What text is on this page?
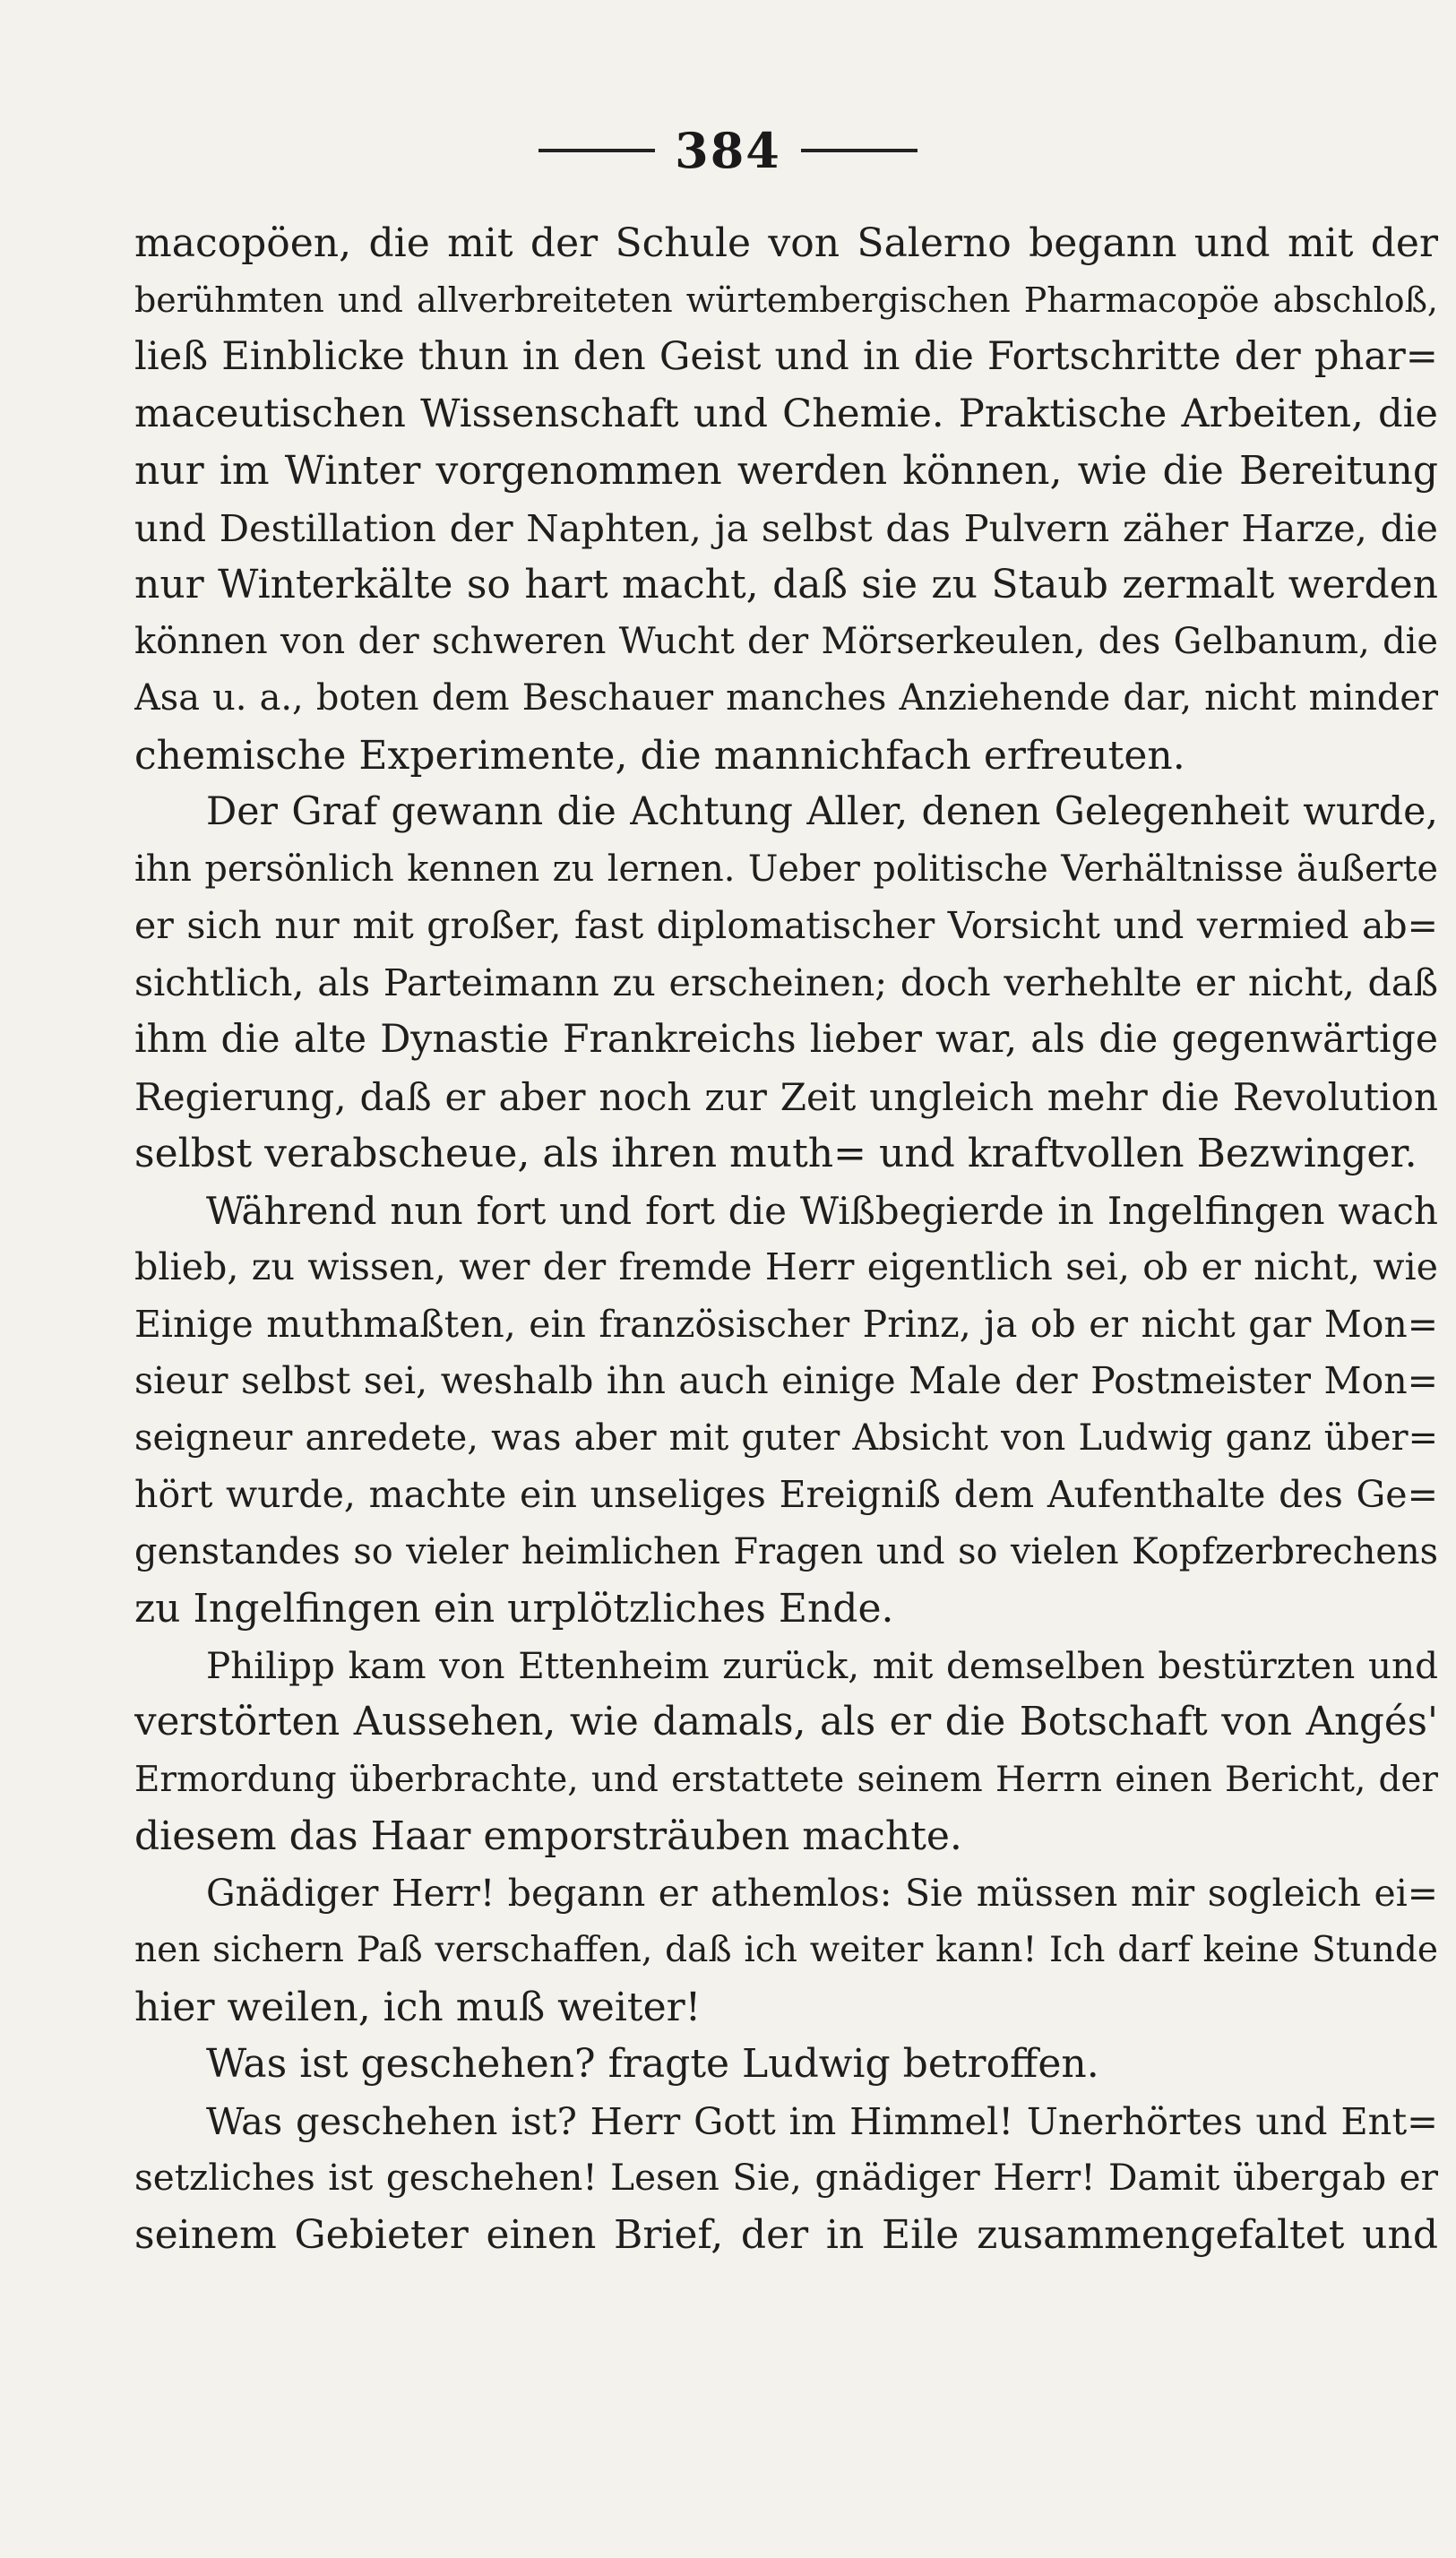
384
macopöen, die mit der Schule von Salerno begann und mit der
berühmten und allverbreiteten würtembergischen Pharmacopöe abschloß,
ließ Einblicke thun in den Geist und in die Fortschritte der phar=
maceutischen Wissenschaft und Chemie. Praktische Arbeiten, die
nur im Winter vorgenommen werden können, wie die Bereitung
und Destillation der Naphten, ja selbst das Pulvern zäher Harze, die
nur Winterkälte so hart macht, daß sie zu Staub zermalt werden
können von der schweren Wucht der Mörserkeulen, des Gelbanum, die
Asa u. a., boten dem Beschauer manches Anziehende dar, nicht minder
chemische Experimente, die mannichfach erfreuten.
Der Graf gewann die Achtung Aller, denen Gelegenheit wurde,
ihn persönlich kennen zu lernen. Ueber politische Verhältnisse äußerte
er sich nur mit großer, fast diplomatischer Vorsicht und vermied ab=
sichtlich, als Parteimann zu erscheinen; doch verhehlte er nicht, daß
ihm die alte Dynastie Frankreichs lieber war, als die gegenwärtige
Regierung, daß er aber noch zur Zeit ungleich mehr die Revolution
selbst verabscheue, als ihren muth= und kraftvollen Bezwinger.
Während nun fort und fort die Wißbegierde in Ingelfingen wach
blieb, zu wissen, wer der fremde Herr eigentlich sei, ob er nicht, wie
Einige muthmaßten, ein französischer Prinz, ja ob er nicht gar Mon=
sieur selbst sei, weshalb ihn auch einige Male der Postmeister Mon=
seigneur anredete, was aber mit guter Absicht von Ludwig ganz über=
hört wurde, machte ein unseliges Ereigniß dem Aufenthalte des Ge=
genstandes so vieler heimlichen Fragen und so vielen Kopfzerbrechens
zu Ingelfingen ein urplötzliches Ende.
Philipp kam von Ettenheim zurück, mit demselben bestürzten und
verstörten Aussehen, wie damals, als er die Botschaft von Angés'
Ermordung überbrachte, und erstattete seinem Herrn einen Bericht, der
diesem das Haar emporsträuben machte.
Gnädiger Herr! begann er athemlos: Sie müssen mir sogleich ei=
nen sichern Paß verschaffen, daß ich weiter kann! Ich darf keine Stunde
hier weilen, ich muß weiter!
Was ist geschehen? fragte Ludwig betroffen.
Was geschehen ist? Herr Gott im Himmel! Unerhörtes und Ent=
setzliches ist geschehen! Lesen Sie, gnädiger Herr! Damit übergab er
seinem Gebieter einen Brief, der in Eile zusammengefaltet und
